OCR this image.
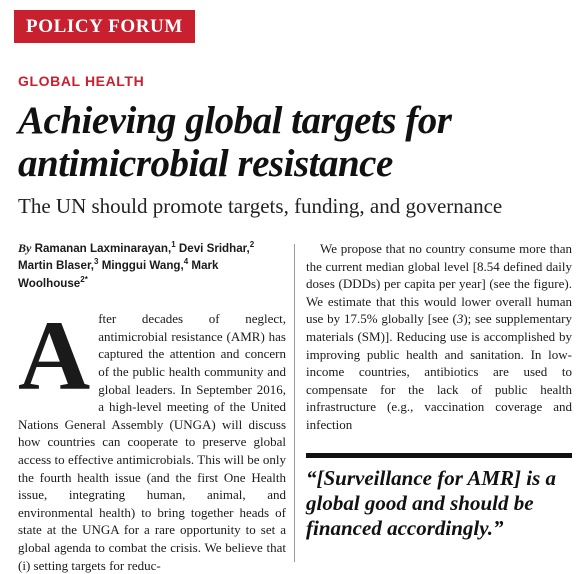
POLICY FORUM
GLOBAL HEALTH
Achieving global targets for antimicrobial resistance
The UN should promote targets, funding, and governance
By Ramanan Laxminarayan,$^1$ Devi Sridhar,$^2$ Martin Blaser,$^3$ Minggui Wang,$^4$ Mark Woolhouse$^{2*}$
After decades of neglect, antimicrobial resistance (AMR) has captured the attention and concern of the public health community and global leaders. In September 2016, a high-level meeting of the United Nations General Assembly (UNGA) will discuss how countries can cooperate to preserve global access to effective antimicrobials. This will be only the fourth health issue (and the first One Health issue, integrating human, animal, and environmental health) to bring together heads of state at the UNGA for a rare opportunity to set a global agenda to combat the crisis. We believe that (i) setting targets for reduc-
We propose that no country consume more than the current median global level [8.54 defined daily doses (DDDs) per capita per year] (see the figure). We estimate that this would lower overall human use by 17.5% globally [see (3); see supplementary materials (SM)]. Reducing use is accomplished by improving public health and sanitation. In low-income countries, antibiotics are used to compensate for the lack of public health infrastructure (e.g., vaccination coverage and infection
“[Surveillance for AMR] is a global good and should be financed accordingly.”
